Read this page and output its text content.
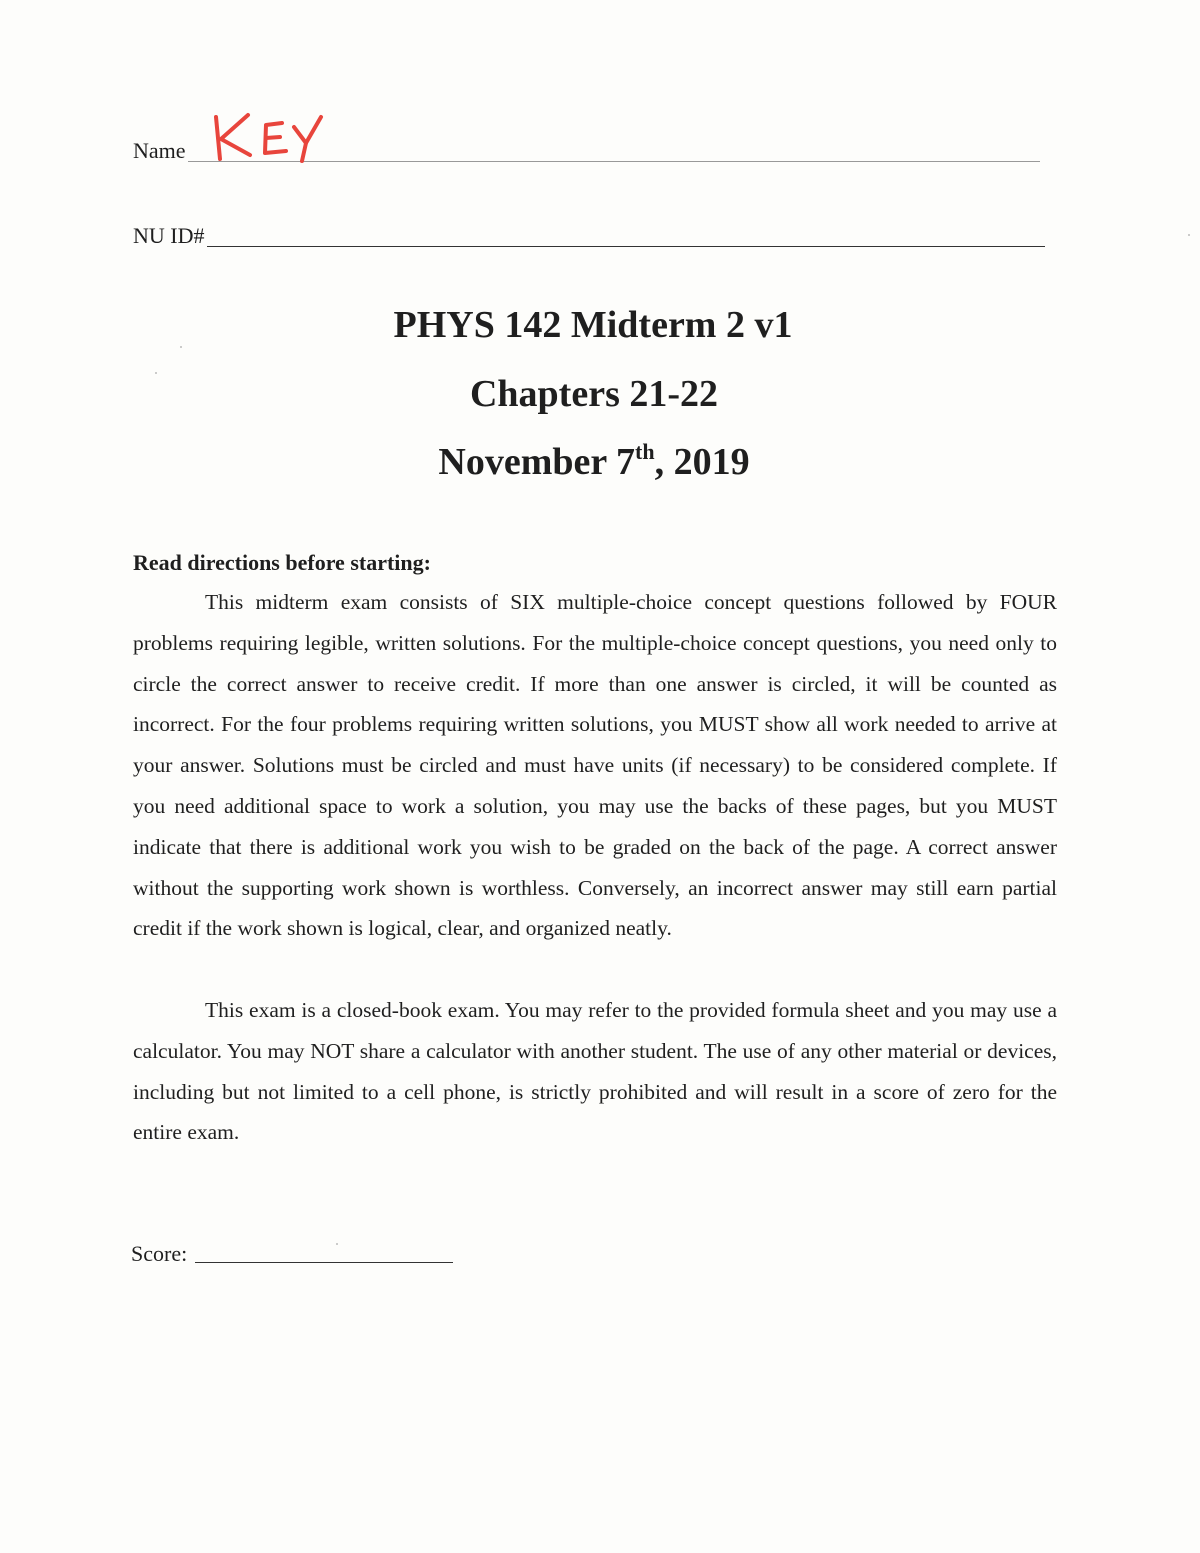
Name
NU ID#
PHYS 142 Midterm 2 v1
Chapters 21-22
November 7th, 2019
Read directions before starting:

This midterm exam consists of SIX multiple-choice concept questions followed by FOUR problems requiring legible, written solutions. For the multiple-choice concept questions, you need only to circle the correct answer to receive credit. If more than one answer is circled, it will be counted as incorrect. For the four problems requiring written solutions, you MUST show all work needed to arrive at your answer. Solutions must be circled and must have units (if necessary) to be considered complete. If you need additional space to work a solution, you may use the backs of these pages, but you MUST indicate that there is additional work you wish to be graded on the back of the page. A correct answer without the supporting work shown is worthless. Conversely, an incorrect answer may still earn partial credit if the work shown is logical, clear, and organized neatly.

This exam is a closed-book exam. You may refer to the provided formula sheet and you may use a calculator. You may NOT share a calculator with another student. The use of any other material or devices, including but not limited to a cell phone, is strictly prohibited and will result in a score of zero for the entire exam.

Score:
